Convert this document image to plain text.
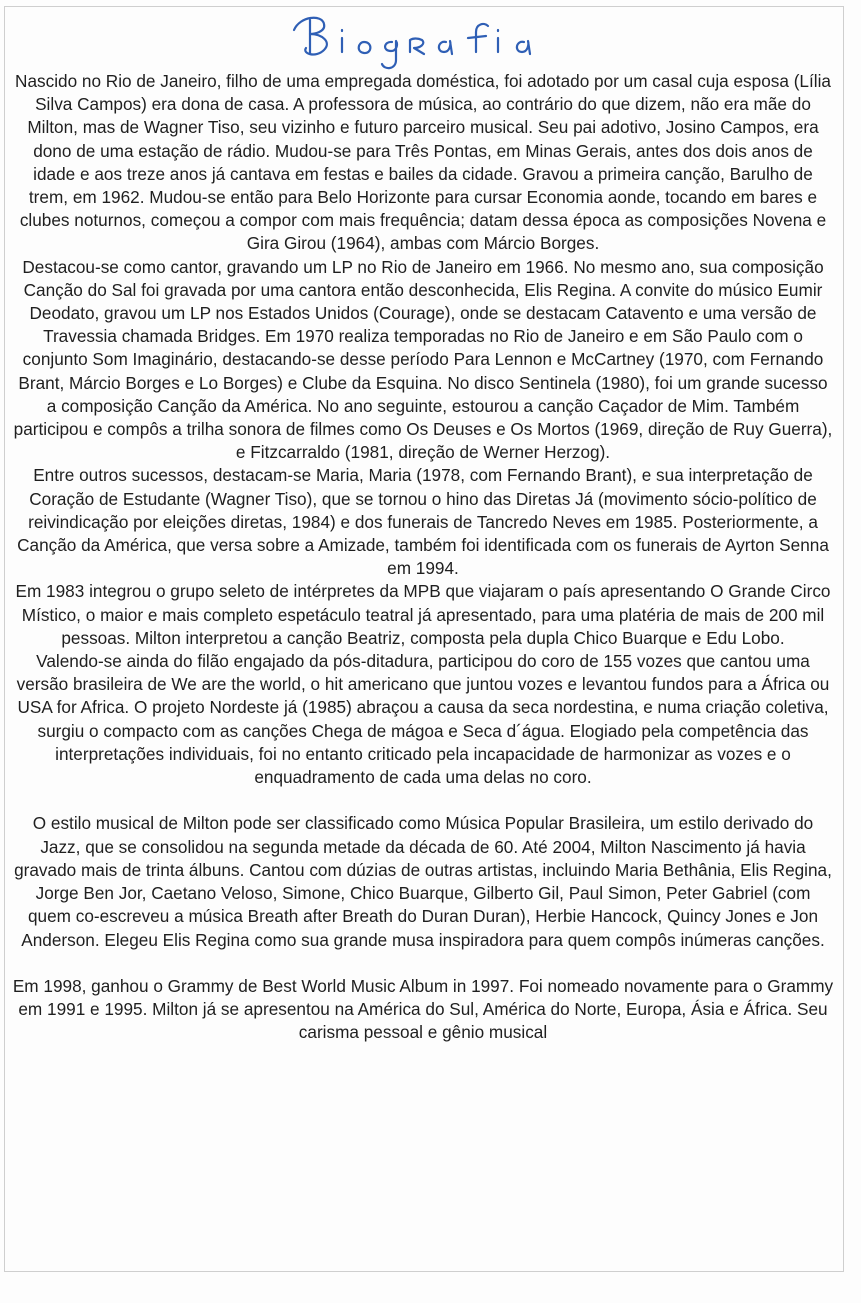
Nascido no Rio de Janeiro, filho de uma empregada doméstica, foi adotado por um casal cuja esposa (Lília Silva Campos) era dona de casa. A professora de música, ao contrário do que dizem, não era mãe do Milton, mas de Wagner Tiso, seu vizinho e futuro parceiro musical. Seu pai adotivo, Josino Campos, era dono de uma estação de rádio. Mudou-se para Três Pontas, em Minas Gerais, antes dos dois anos de idade e aos treze anos já cantava em festas e bailes da cidade. Gravou a primeira canção, Barulho de trem, em 1962. Mudou-se então para Belo Horizonte para cursar Economia aonde, tocando em bares e clubes noturnos, começou a compor com mais frequência; datam dessa época as composições Novena e Gira Girou (1964), ambas com Márcio Borges.

Destacou-se como cantor, gravando um LP no Rio de Janeiro em 1966. No mesmo ano, sua composição Canção do Sal foi gravada por uma cantora então desconhecida, Elis Regina. A convite do músico Eumir Deodato, gravou um LP nos Estados Unidos (Courage), onde se destacam Catavento e uma versão de Travessia chamada Bridges. Em 1970 realiza temporadas no Rio de Janeiro e em São Paulo com o conjunto Som Imaginário, destacando-se desse período Para Lennon e McCartney (1970, com Fernando Brant, Márcio Borges e Lo Borges) e Clube da Esquina. No disco Sentinela (1980), foi um grande sucesso a composição Canção da América. No ano seguinte, estourou a canção Caçador de Mim. Também participou e compôs a trilha sonora de filmes como Os Deuses e Os Mortos (1969, direção de Ruy Guerra), e Fitzcarraldo (1981, direção de Werner Herzog).

Entre outros sucessos, destacam-se Maria, Maria (1978, com Fernando Brant), e sua interpretação de Coração de Estudante (Wagner Tiso), que se tornou o hino das Diretas Já (movimento sócio-político de reivindicação por eleições diretas, 1984) e dos funerais de Tancredo Neves em 1985. Posteriormente, a Canção da América, que versa sobre a Amizade, também foi identificada com os funerais de Ayrton Senna em 1994.

Em 1983 integrou o grupo seleto de intérpretes da MPB que viajaram o país apresentando O Grande Circo Místico, o maior e mais completo espetáculo teatral já apresentado, para uma platéria de mais de 200 mil pessoas. Milton interpretou a canção Beatriz, composta pela dupla Chico Buarque e Edu Lobo.

Valendo-se ainda do filão engajado da pós-ditadura, participou do coro de 155 vozes que cantou uma versão brasileira de We are the world, o hit americano que juntou vozes e levantou fundos para a África ou USA for Africa. O projeto Nordeste já (1985) abraçou a causa da seca nordestina, e numa criação coletiva, surgiu o compacto com as canções Chega de mágoa e Seca d´água. Elogiado pela competência das interpretações individuais, foi no entanto criticado pela incapacidade de harmonizar as vozes e o enquadramento de cada uma delas no coro.

O estilo musical de Milton pode ser classificado como Música Popular Brasileira, um estilo derivado do Jazz, que se consolidou na segunda metade da década de 60. Até 2004, Milton Nascimento já havia gravado mais de trinta álbuns. Cantou com dúzias de outras artistas, incluindo Maria Bethânia, Elis Regina, Jorge Ben Jor, Caetano Veloso, Simone, Chico Buarque, Gilberto Gil, Paul Simon, Peter Gabriel (com quem co-escreveu a música Breath after Breath do Duran Duran), Herbie Hancock, Quincy Jones e Jon Anderson. Elegeu Elis Regina como sua grande musa inspiradora para quem compôs inúmeras canções.

Em 1998, ganhou o Grammy de Best World Music Album in 1997. Foi nomeado novamente para o Grammy em 1991 e 1995. Milton já se apresentou na América do Sul, América do Norte, Europa, Ásia e África. Seu carisma pessoal e gênio musical
